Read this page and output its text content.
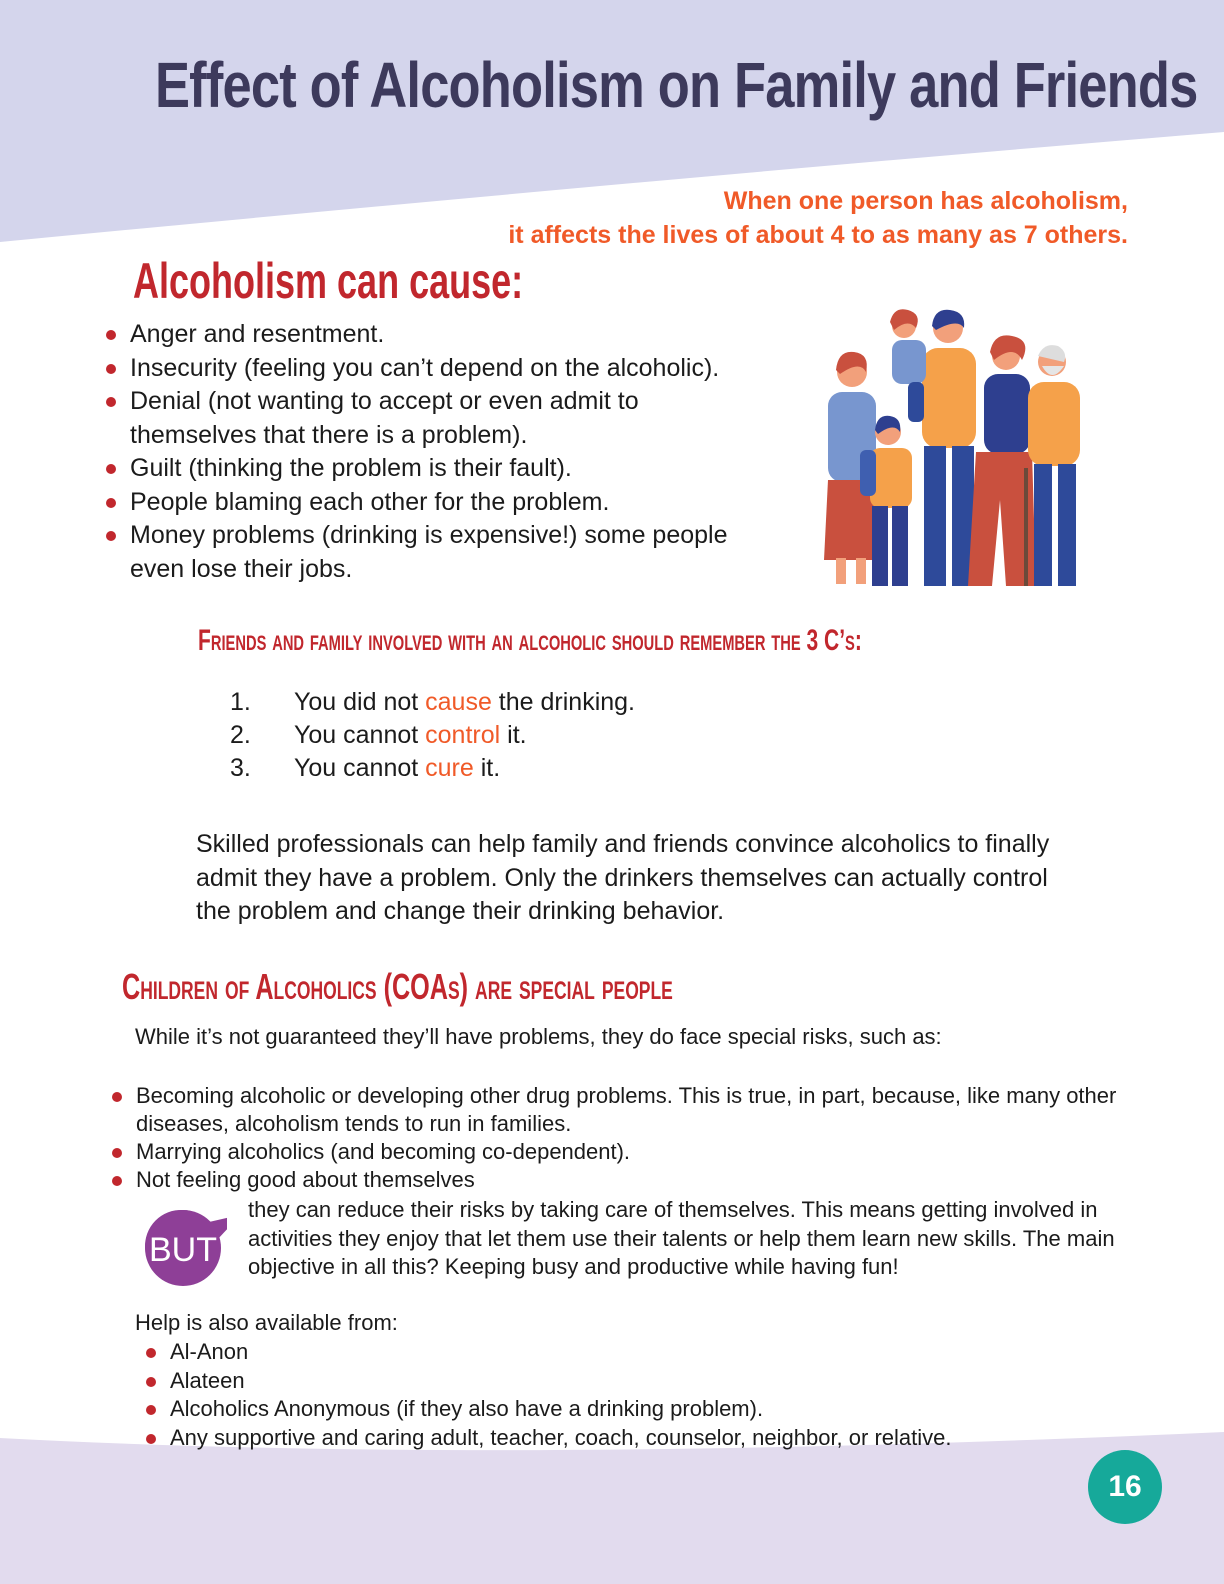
Effect of Alcoholism on Family and Friends
When one person has alcoholism,
it affects the lives of about 4 to as many as 7 others.
Alcoholism can cause:
Anger and resentment.
Insecurity (feeling you can’t depend on the alcoholic).
Denial (not wanting to accept or even admit to themselves that there is a problem).
Guilt (thinking the problem is their fault).
People blaming each other for the problem.
Money problems (drinking is expensive!) some people even lose their jobs.
Friends and family involved with an alcoholic should remember the 3 C’s:
1. You did not cause the drinking.
2. You cannot control it.
3. You cannot cure it.
Skilled professionals can help family and friends convince alcoholics to finally admit they have a problem. Only the drinkers themselves can actually control the problem and change their drinking behavior.
Children of Alcoholics (COAs) are special people
While it’s not guaranteed they’ll have problems, they do face special risks, such as:
Becoming alcoholic or developing other drug problems. This is true, in part, because, like many other diseases, alcoholism tends to run in families.
Marrying alcoholics (and becoming co-dependent).
Not feeling good about themselves
BUT
they can reduce their risks by taking care of themselves. This means getting involved in activities they enjoy that let them use their talents or help them learn new skills. The main objective in all this? Keeping busy and productive while having fun!
Help is also available from:
Al-Anon
Alateen
Alcoholics Anonymous (if they also have a drinking problem).
Any supportive and caring adult, teacher, coach, counselor, neighbor, or relative.
16
